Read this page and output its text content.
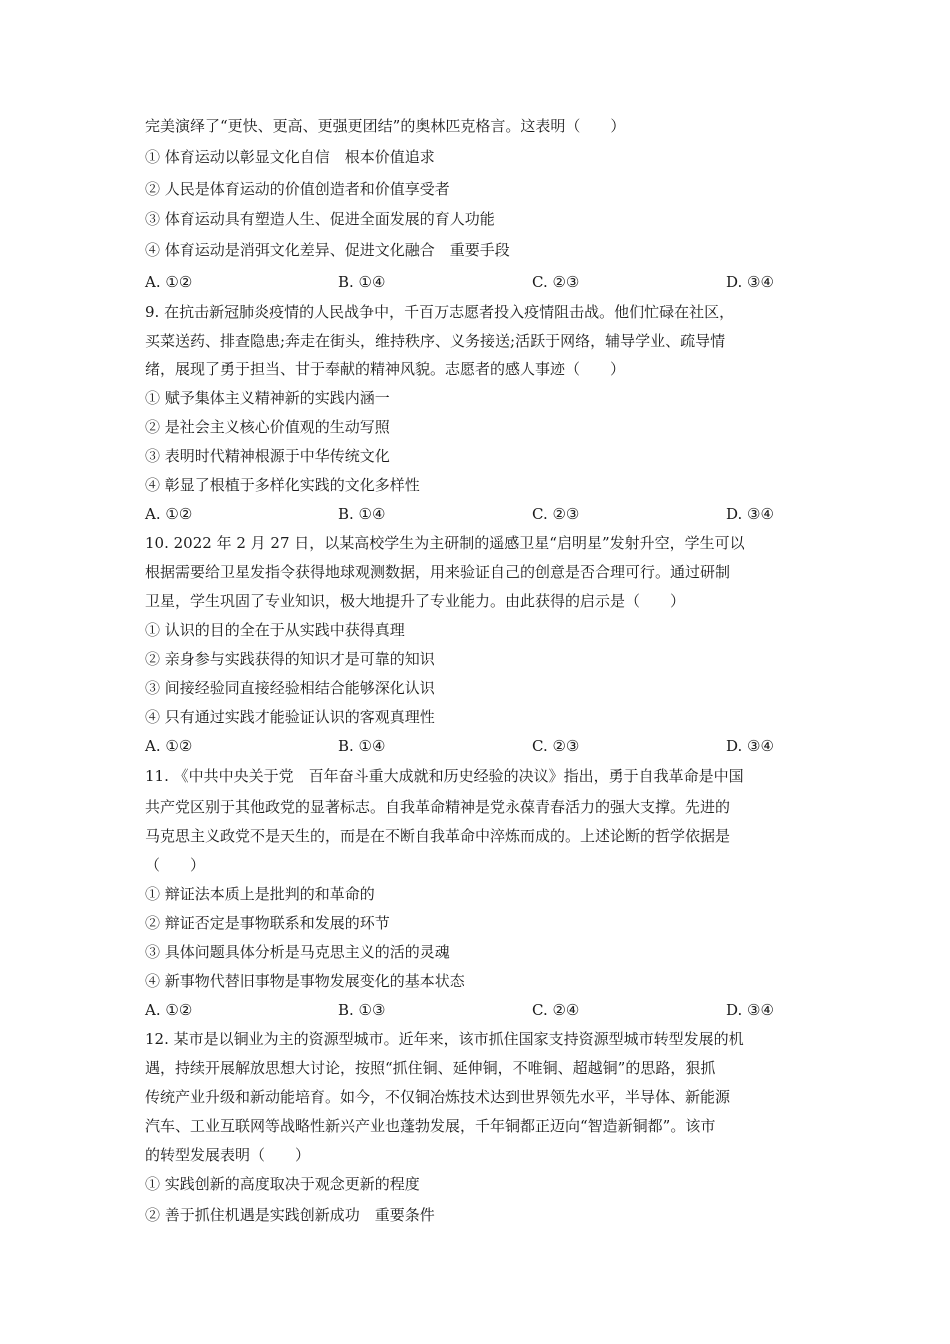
完美演绎了“更快、更高、更强更团结”的奥林匹克格言。这表明（　　）
① 体育运动以彰显文化自信　根本价值追求
② 人民是体育运动的价值创造者和价值享受者
③ 体育运动具有塑造人生、促进全面发展的育人功能
④ 体育运动是消弭文化差异、促进文化融合　重要手段
A. ①②	B. ①④	C. ②③	D. ③④
9. 在抗击新冠肺炎疫情的人民战争中，千百万志愿者投入疫情阻击战。他们忙碌在社区，
买菜送药、排查隐患;奔走在街头，维持秩序、义务接送;活跃于网络，辅导学业、疏导情
绪，展现了勇于担当、甘于奉献的精神风貌。志愿者的感人事迹（　　）
① 赋予集体主义精神新的实践内涵一
② 是社会主义核心价值观的生动写照
③ 表明时代精神根源于中华传统文化
④ 彰显了根植于多样化实践的文化多样性
A. ①②	B. ①④	C. ②③	D. ③④
10. 2022 年 2 月 27 日，以某高校学生为主研制的遥感卫星“启明星”发射升空，学生可以
根据需要给卫星发指令获得地球观测数据，用来验证自己的创意是否合理可行。通过研制
卫星，学生巩固了专业知识，极大地提升了专业能力。由此获得的启示是（　　）
① 认识的目的全在于从实践中获得真理
② 亲身参与实践获得的知识才是可靠的知识
③ 间接经验同直接经验相结合能够深化认识
④ 只有通过实践才能验证认识的客观真理性
A. ①②	B. ①④	C. ②③	D. ③④
11. 《中共中央关于党　百年奋斗重大成就和历史经验的决议》指出，勇于自我革命是中国
共产党区别于其他政党的显著标志。自我革命精神是党永葆青春活力的强大支撑。先进的
马克思主义政党不是天生的，而是在不断自我革命中淬炼而成的。上述论断的哲学依据是
（　　）
① 辩证法本质上是批判的和革命的
② 辩证否定是事物联系和发展的环节
③ 具体问题具体分析是马克思主义的活的灵魂
④ 新事物代替旧事物是事物发展变化的基本状态
A. ①②	B. ①③	C. ②④	D. ③④
12. 某市是以铜业为主的资源型城市。近年来，该市抓住国家支持资源型城市转型发展的机
遇，持续开展解放思想大讨论，按照“抓住铜、延伸铜，不唯铜、超越铜”的思路，狠抓
传统产业升级和新动能培育。如今，不仅铜冶炼技术达到世界领先水平，半导体、新能源
汽车、工业互联网等战略性新兴产业也蓬勃发展，千年铜都正迈向“智造新铜都”。该市
的转型发展表明（　　）
① 实践创新的高度取决于观念更新的程度
② 善于抓住机遇是实践创新成功　重要条件
